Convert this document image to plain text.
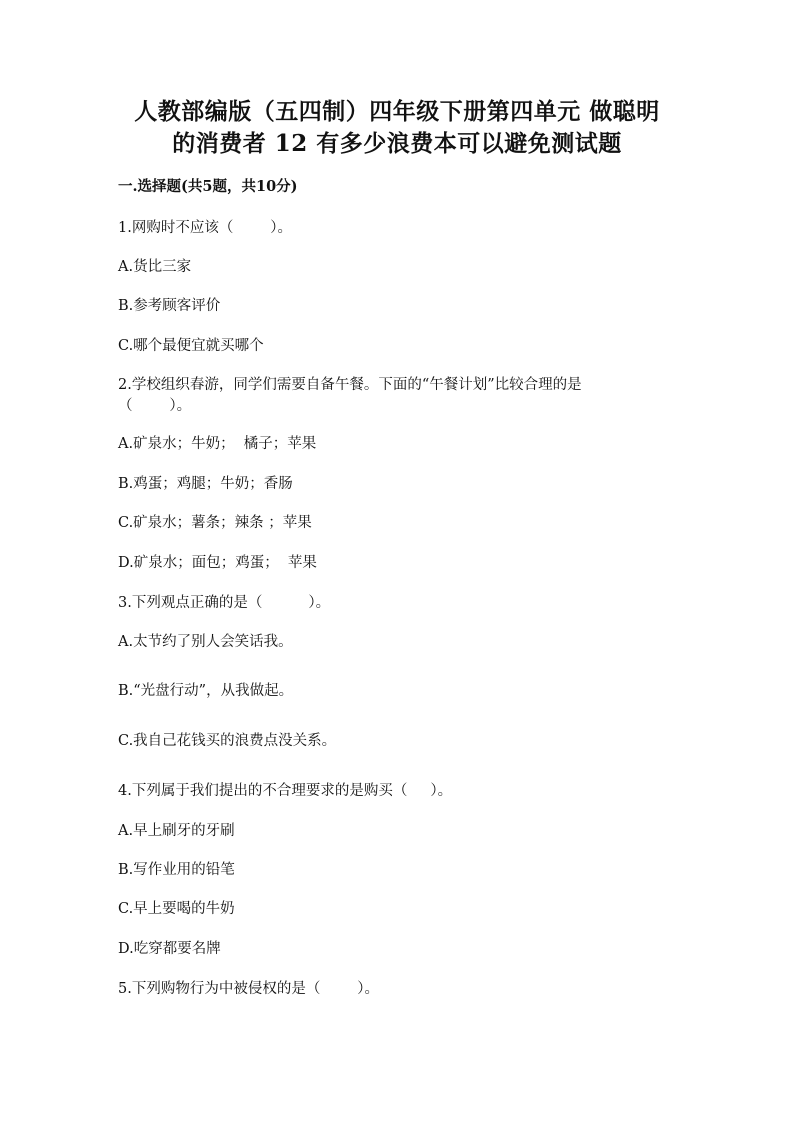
人教部编版（五四制）四年级下册第四单元 做聪明
的消费者 12 有多少浪费本可以避免测试题
一.选择题(共5题，共10分)
1.网购时不应该（        ）。
A.货比三家
B.参考顾客评价
C.哪个最便宜就买哪个
2.学校组织春游，同学们需要自备午餐。下面的“午餐计划”比较合理的是
（        ）。
A.矿泉水；牛奶；  橘子；苹果
B.鸡蛋；鸡腿；牛奶；香肠
C.矿泉水；薯条；辣条 ；苹果
D.矿泉水；面包；鸡蛋；  苹果
3.下列观点正确的是（          ）。
A.太节约了别人会笑话我。
B.“光盘行动”，从我做起。
C.我自己花钱买的浪费点没关系。
4.下列属于我们提出的不合理要求的是购买（     ）。
A.早上刷牙的牙刷
B.写作业用的铅笔
C.早上要喝的牛奶
D.吃穿都要名牌
5.下列购物行为中被侵权的是（        ）。
